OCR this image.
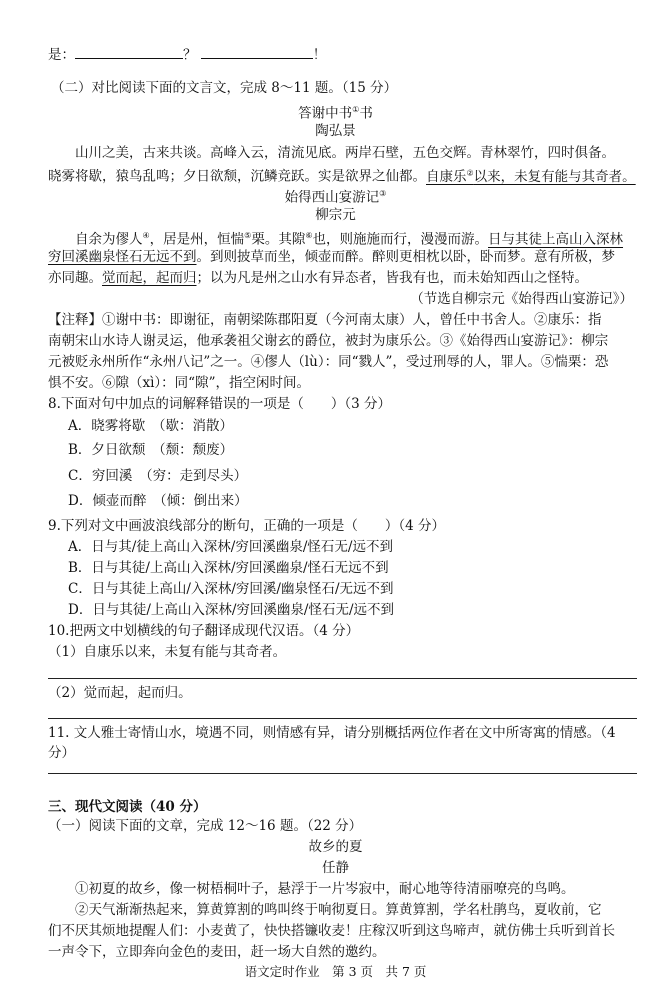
是：	？	！
（二）对比阅读下面的文言文，完成 8～11 题。（15 分）
答谢中书①书
陶弘景
山川之美，古来共谈。高峰入云，清流见底。两岸石壁，五色交辉。青林翠竹，四时俱备。
晓雾将歇，猿鸟乱鸣；夕日欲颓，沉鳞竞跃。实是欲界之仙都。自康乐②以来，未复有能与其奇者。
始得西山宴游记③
柳宗元
自余为僇人④，居是州，恒惴⑤栗。其隙⑥也，则施施而行，漫漫而游。日与其徒上高山入深林
穷回溪幽泉怪石无远不到。到则披草而坐，倾壶而醉。醉则更相枕以卧，卧而梦。意有所极，梦
亦同趣。觉而起，起而归；以为凡是州之山水有异态者，皆我有也，而未始知西山之怪特。
（节选自柳宗元《始得西山宴游记》）
【注释】①谢中书：即谢征，南朝梁陈郡阳夏（今河南太康）人，曾任中书舍人。②康乐：指
南朝宋山水诗人谢灵运，他承袭祖父谢玄的爵位，被封为康乐公。③《始得西山宴游记》：柳宗
元被贬永州所作“永州八记”之一。④僇人（lù）：同“戮人”，受过刑辱的人，罪人。⑤惴栗：恐
惧不安。⑥隙（xì）：同“隙”，指空闲时间。
8.下面对句中加点的词解释错误的一项是（　　）（3 分）
A．晓雾将歇　（歇：消散）
B．夕日欲颓　（颓：颓废）
C．穷回溪　（穷：走到尽头）
D．倾壶而醉　（倾：倒出来）
9.下列对文中画波浪线部分的断句，正确的一项是（　　）（4 分）
A．日与其/徒上高山入深林/穷回溪幽泉/怪石无/远不到
B．日与其徒/上高山入深林/穷回溪幽泉/怪石无远不到
C．日与其徒上高山/入深林/穷回溪/幽泉怪石/无远不到
D．日与其徒/上高山入深林/穷回溪幽泉/怪石无/远不到
10.把两文中划横线的句子翻译成现代汉语。（4 分）
（1）自康乐以来，未复有能与其奇者。
（2）觉而起，起而归。
11. 文人雅士寄情山水，境遇不同，则情感有异，请分别概括两位作者在文中所寄寓的情感。（4
分）
三、现代文阅读（40 分）
（一）阅读下面的文章，完成 12～16 题。（22 分）
故乡的夏
任静
①初夏的故乡，像一树梧桐叶子，悬浮于一片岑寂中，耐心地等待清丽嘹亮的鸟鸣。
②天气渐渐热起来，算黄算割的鸣叫终于响彻夏日。算黄算割，学名杜鹃鸟，夏收前，它
们不厌其烦地提醒人们：小麦黄了，快快搭镰收麦！庄稼汉听到这鸟啼声，就仿佛士兵听到首长
一声令下，立即奔向金色的麦田，赶一场大自然的邀约。
语文定时作业　第 3 页　共 7 页
